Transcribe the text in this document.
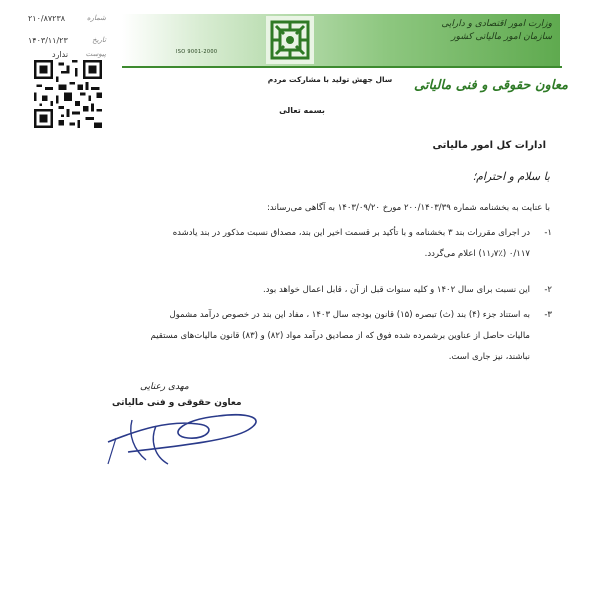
شماره
۲۱۰/۸۷۲۳۸
تاریخ
۱۴۰۳/۱۱/۲۳
پیوست
ندارد	ISO 9001-2000
وزارت امور اقتصادی و دارایی
سازمان امور مالیاتی کشور
سال جهش تولید با مشارکت مردم	معاون حقوقی و فنی مالیاتی
بسمه تعالی
ادارات کل امور مالیاتی
با سلام و احترام؛
با عنایت به بخشنامه شماره ۲۰۰/۱۴۰۳/۳۹ مورخ ۱۴۰۳/۰۹/۲۰ به آگاهی می‌رساند:
۱-
در اجرای مقررات بند ۳ بخشنامه و با تأکید بر قسمت اخیر این بند، مصداق نسبت مذکور در بند یادشده
۰/۱۱۷ (۱۱٫۷٪) اعلام می‌گردد.
۲-
این نسبت برای سال ۱۴۰۲ و کلیه سنوات قبل از آن ، قابل اعمال خواهد بود.
۳-
به استناد جزء (۴) بند (ث) تبصره (۱۵) قانون بودجه سال ۱۴۰۳ ، مفاد این بند در خصوص درآمد مشمول
مالیات حاصل از عناوین برشمرده شده فوق که از مصادیق درآمد مواد (۸۲) و (۸۳) قانون مالیات‌های مستقیم
نباشند، نیز جاری است.
مهدی رعنایی
معاون حقوقی و فنی مالیاتی
